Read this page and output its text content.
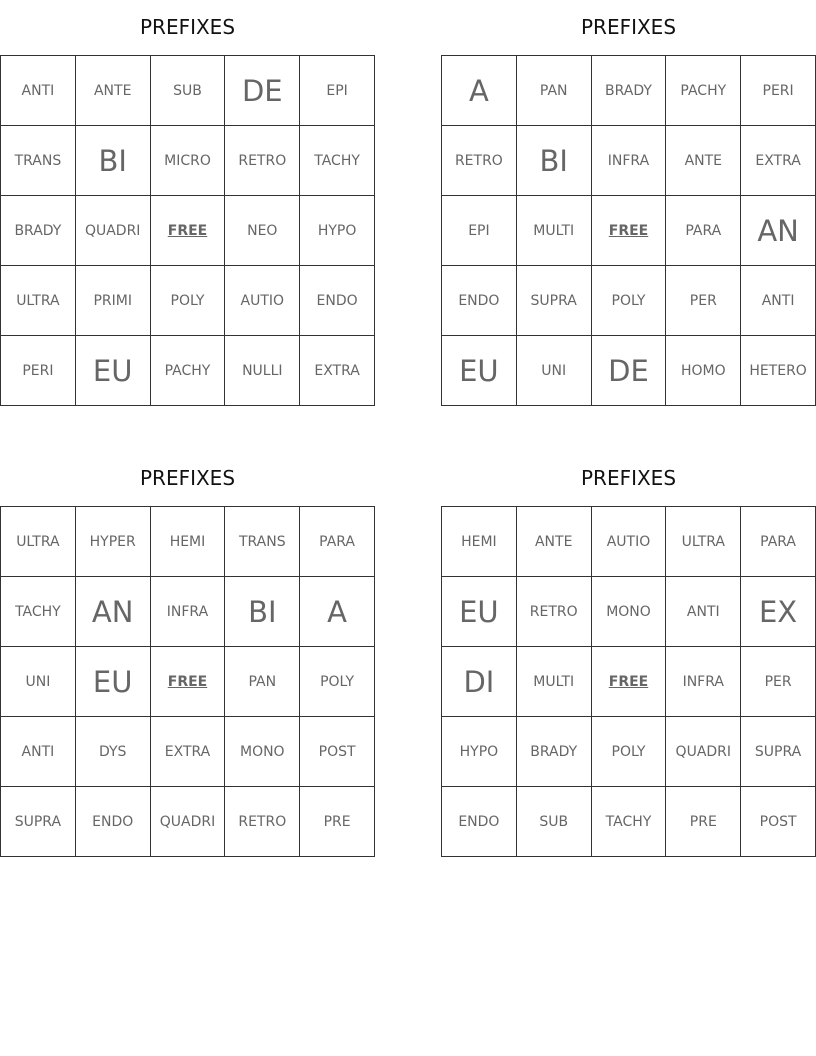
PREFIXES
ANTI	ANTE	SUB	DE	EPI
TRANS	BI	MICRO	RETRO	TACHY
BRADY	QUADRI	FREE	NEO	HYPO
ULTRA	PRIMI	POLY	AUTIO	ENDO
PERI	EU	PACHY	NULLI	EXTRA
PREFIXES
A	PAN	BRADY	PACHY	PERI
RETRO	BI	INFRA	ANTE	EXTRA
EPI	MULTI	FREE	PARA	AN
ENDO	SUPRA	POLY	PER	ANTI
EU	UNI	DE	HOMO	HETERO
PREFIXES
ULTRA	HYPER	HEMI	TRANS	PARA
TACHY	AN	INFRA	BI	A
UNI	EU	FREE	PAN	POLY
ANTI	DYS	EXTRA	MONO	POST
SUPRA	ENDO	QUADRI	RETRO	PRE
PREFIXES
HEMI	ANTE	AUTIO	ULTRA	PARA
EU	RETRO	MONO	ANTI	EX
DI	MULTI	FREE	INFRA	PER
HYPO	BRADY	POLY	QUADRI	SUPRA
ENDO	SUB	TACHY	PRE	POST
